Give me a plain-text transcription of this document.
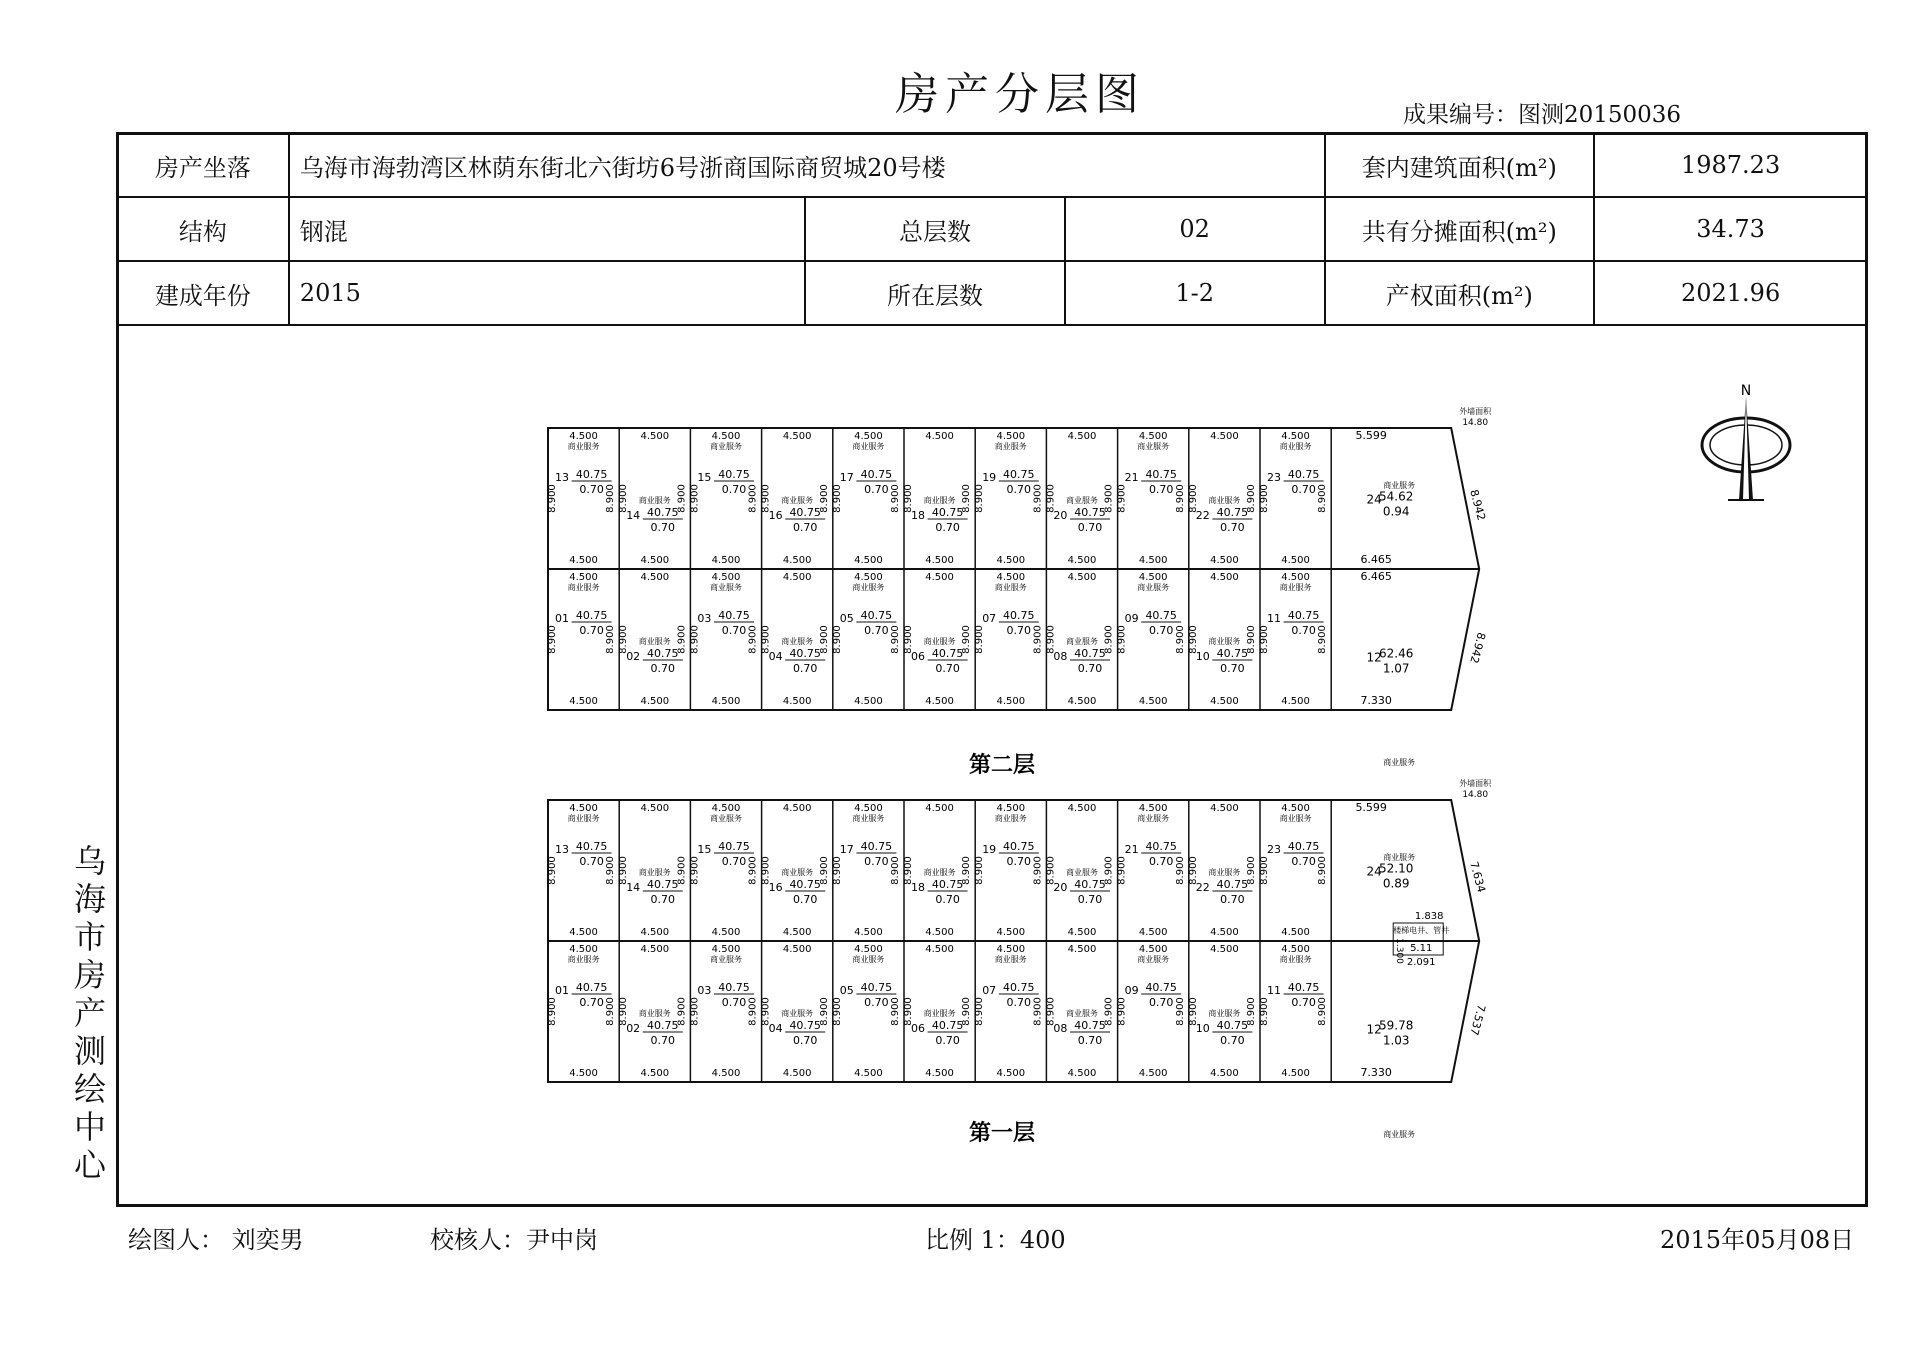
房产分层图	成果编号：图测20150036
房产坐落	乌海市海勃湾区林荫东街北六街坊6号浙商国际商贸城20号楼			套内建筑面积(m²)	1987.23
结构	钢混	总层数	02	共有分摊面积(m²)	34.73
建成年份	2015	所在层数	1-2	产权面积(m²)	2021.96
4.500
4.500
8.900	8.900
商业服务
13 40.75
0.70
4.500
4.500
8.900	8.900
商业服务
14 40.75
0.70
4.500
4.500
8.900	8.900
商业服务
15 40.75
0.70
4.500
4.500
8.900	8.900
商业服务
16 40.75
0.70
4.500
4.500
8.900	8.900
商业服务
17 40.75
0.70
4.500
4.500
8.900	8.900
商业服务
18 40.75
0.70
4.500
4.500
8.900	8.900
商业服务
19 40.75
0.70
4.500
4.500
8.900	8.900
商业服务
20 40.75
0.70
4.500
4.500
8.900	8.900
商业服务
21 40.75
0.70
4.500
4.500
8.900	8.900
商业服务
22 40.75
0.70
4.500
4.500
8.900	8.900
商业服务
23 40.75
0.70
4.500
4.500
8.900	8.900
商业服务
01 40.75
0.70
4.500
4.500
8.900	8.900
商业服务
02 40.75
0.70
4.500
4.500
8.900	8.900
商业服务
03 40.75
0.70
4.500
4.500
8.900	8.900
商业服务
04 40.75
0.70
4.500
4.500
8.900	8.900
商业服务
05 40.75
0.70
4.500
4.500
8.900	8.900
商业服务
06 40.75
0.70
4.500
4.500
8.900	8.900
商业服务
07 40.75
0.70
4.500
4.500
8.900	8.900
商业服务
08 40.75
0.70
4.500
4.500
8.900	8.900
商业服务
09 40.75
0.70
4.500
4.500
8.900	8.900
商业服务
10 40.75
0.70
4.500
4.500
8.900	8.900
商业服务
11 40.75
0.70
5.599
商业服务
24
54.62
0.94	8.942
商业服务
12
62.46
1.07
8.942
7.330
6.465
6.465
外墙面积
14.80
4.500
4.500
8.900	8.900
商业服务
13 40.75
0.70
4.500
4.500
8.900	8.900
商业服务
14 40.75
0.70
4.500
4.500
8.900	8.900
商业服务
15 40.75
0.70
4.500
4.500
8.900	8.900
商业服务
16 40.75
0.70
4.500
4.500
8.900	8.900
商业服务
17 40.75
0.70
4.500
4.500
8.900	8.900
商业服务
18 40.75
0.70
4.500
4.500
8.900	8.900
商业服务
19 40.75
0.70
4.500
4.500
8.900	8.900
商业服务
20 40.75
0.70
4.500
4.500
8.900	8.900
商业服务
21 40.75
0.70
4.500
4.500
8.900	8.900
商业服务
22 40.75
0.70
4.500
4.500
8.900	8.900
商业服务
23 40.75
0.70
4.500
4.500
8.900	8.900
商业服务
01 40.75
0.70
4.500
4.500
8.900	8.900
商业服务
02 40.75
0.70
4.500
4.500
8.900	8.900
商业服务
03 40.75
0.70
4.500
4.500
8.900	8.900
商业服务
04 40.75
0.70
4.500
4.500
8.900	8.900
商业服务
05 40.75
0.70
4.500
4.500
8.900	8.900
商业服务
06 40.75
0.70
4.500
4.500
8.900	8.900
商业服务
07 40.75
0.70
4.500
4.500
8.900	8.900
商业服务
08 40.75
0.70
4.500
4.500
8.900	8.900
商业服务
09 40.75
0.70
4.500
4.500
8.900	8.900
商业服务
10 40.75
0.70
4.500
4.500
8.900	8.900
商业服务
11 40.75
0.70
5.599
商业服务
24
52.10
0.89	7.634
商业服务
12
59.78
1.03
7.537
7.330
外墙面积
14.80
楼梯电井、管井
5.11
2.091
1.838
1.300
N
第二层
第一层
乌海市房产测绘中心
绘图人： 刘奕男	校核人：尹中岗	比例 1：400	2015年05月08日
